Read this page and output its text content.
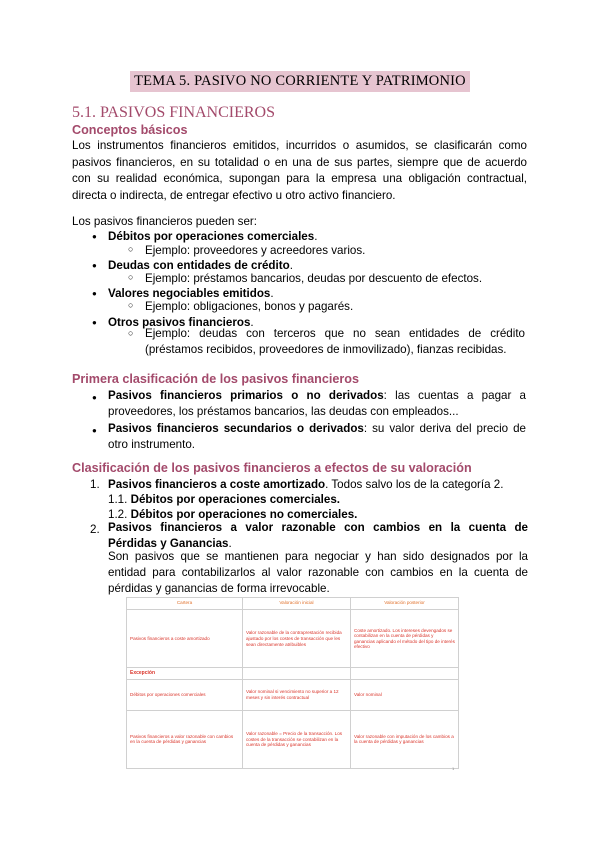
TEMA 5. PASIVO NO CORRIENTE Y PATRIMONIO
5.1. PASIVOS FINANCIEROS
Conceptos básicos

Los instrumentos financieros emitidos, incurridos o asumidos, se clasificarán como pasivos financieros, en su totalidad o en una de sus partes, siempre que de acuerdo con su realidad económica, supongan para la empresa una obligación contractual, directa o indirecta, de entregar efectivo u otro activo financiero.

Los pasivos financieros pueden ser:
● Débitos por operaciones comerciales.
○ Ejemplo: proveedores y acreedores varios.
● Deudas con entidades de crédito.
○ Ejemplo: préstamos bancarios, deudas por descuento de efectos.
● Valores negociables emitidos.
○ Ejemplo: obligaciones, bonos y pagarés.
● Otros pasivos financieros.
○ Ejemplo: deudas con terceros que no sean entidades de crédito (préstamos recibidos, proveedores de inmovilizado), fianzas recibidas.
Primera clasificación de los pasivos financieros
● Pasivos financieros primarios o no derivados: las cuentas a pagar a proveedores, los préstamos bancarios, las deudas con empleados...
● Pasivos financieros secundarios o derivados: su valor deriva del precio de otro instrumento.
Clasificación de los pasivos financieros a efectos de su valoración
1. Pasivos financieros a coste amortizado. Todos salvo los de la categoría 2.
1.1. Débitos por operaciones comerciales.
1.2. Débitos por operaciones no comerciales.
2. Pasivos financieros a valor razonable con cambios en la cuenta de Pérdidas y Ganancias.
Son pasivos que se mantienen para negociar y han sido designados por la entidad para contabilizarlos al valor razonable con cambios en la cuenta de pérdidas y ganancias de forma irrevocable.
Cartera	Valoración inicial	Valoración posterior
Pasivos financieros a coste amortizado	Valor razonable de la contraprestación recibida ajustado por los costes de transacción que les sean directamente atribuibles	Coste amortizado. Los intereses devengados se contabilizan en la cuenta de pérdidas y ganancias aplicando el método del tipo de interés efectivo
Excepción		
Débitos por operaciones comerciales	Valor nominal si vencimiento no superior a 12 meses y sin interés contractual	Valor nominal
Pasivos financieros a valor razonable con cambios en la cuenta de pérdidas y ganancias	Valor razonable = Precio de la transacción. Los costes de la transacción se contabilizan en la cuenta de pérdidas y ganancias	Valor razonable con imputación de los cambios a la cuenta de pérdidas y ganancias
1
